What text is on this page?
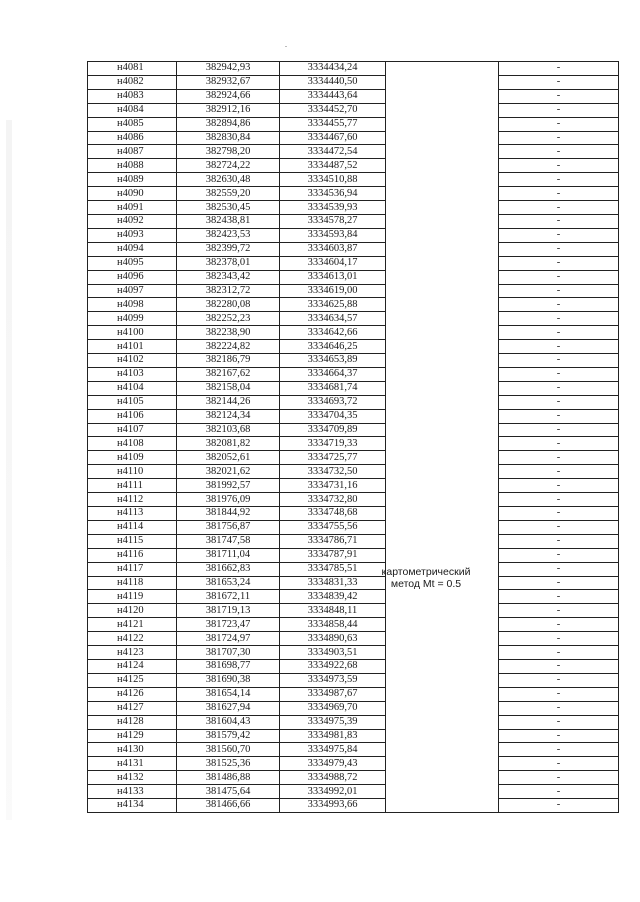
н4081	382942,93	3334434,24		-
н4082	382932,67	3334440,50		-
н4083	382924,66	3334443,64		-
н4084	382912,16	3334452,70		-
н4085	382894,86	3334455,77		-
н4086	382830,84	3334467,60		-
н4087	382798,20	3334472,54		-
н4088	382724,22	3334487,52		-
н4089	382630,48	3334510,88		-
н4090	382559,20	3334536,94		-
н4091	382530,45	3334539,93		-
н4092	382438,81	3334578,27		-
н4093	382423,53	3334593,84		-
н4094	382399,72	3334603,87		-
н4095	382378,01	3334604,17		-
н4096	382343,42	3334613,01		-
н4097	382312,72	3334619,00		-
н4098	382280,08	3334625,88		-
н4099	382252,23	3334634,57		-
н4100	382238,90	3334642,66		-
н4101	382224,82	3334646,25		-
н4102	382186,79	3334653,89		-
н4103	382167,62	3334664,37		-
н4104	382158,04	3334681,74		-
н4105	382144,26	3334693,72		-
н4106	382124,34	3334704,35		-
н4107	382103,68	3334709,89		-
н4108	382081,82	3334719,33		-
н4109	382052,61	3334725,77		-
н4110	382021,62	3334732,50		-
н4111	381992,57	3334731,16		-
н4112	381976,09	3334732,80		-
н4113	381844,92	3334748,68		-
н4114	381756,87	3334755,56		-
н4115	381747,58	3334786,71		-
н4116	381711,04	3334787,91		-
н4117	381662,83	3334785,51		-
н4118	381653,24	3334831,33		-
н4119	381672,11	3334839,42		-
н4120	381719,13	3334848,11		-
н4121	381723,47	3334858,44		-
н4122	381724,97	3334890,63		-
н4123	381707,30	3334903,51		-
н4124	381698,77	3334922,68		-
н4125	381690,38	3334973,59		-
н4126	381654,14	3334987,67		-
н4127	381627,94	3334969,70		-
н4128	381604,43	3334975,39		-
н4129	381579,42	3334981,83		-
н4130	381560,70	3334975,84		-
н4131	381525,36	3334979,43		-
н4132	381486,88	3334988,72		-
н4133	381475,64	3334992,01		-
н4134	381466,66	3334993,66		-
картометрический метод Mt = 0.5
